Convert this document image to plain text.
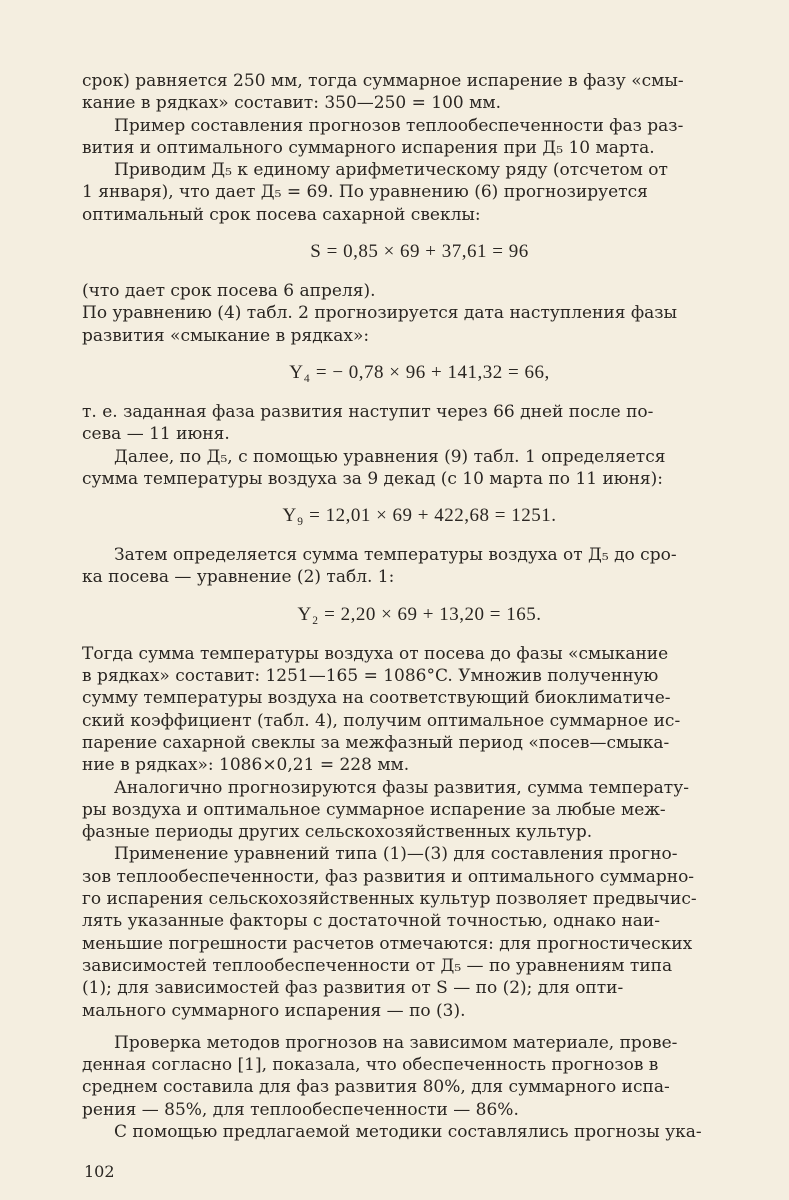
срок) равняется 250 мм, тогда суммарное испарение в фазу «смы-
кание в рядках» составит: 350—250 = 100 мм.

Пример составления прогнозов теплообеспеченности фаз раз-
вития и оптимального суммарного испарения при Д₅ 10 марта.

Приводим Д₅ к единому арифметическому ряду (отсчетом от
1 января), что дает Д₅ = 69. По уравнению (6) прогнозируется
оптимальный срок посева сахарной свеклы:

S = 0,85 × 69 + 37,61 = 96

(что дает срок посева 6 апреля).
По уравнению (4) табл. 2 прогнозируется дата наступления фазы
развития «смыкание в рядках»:

Y₄ = − 0,78 × 96 + 141,32 = 66,

т. е. заданная фаза развития наступит через 66 дней после по-
сева — 11 июня.

Далее, по Д₅, с помощью уравнения (9) табл. 1 определяется
сумма температуры воздуха за 9 декад (с 10 марта по 11 июня):

Y₉ = 12,01 × 69 + 422,68 = 1251.

Затем определяется сумма температуры воздуха от Д₅ до сро-
ка посева — уравнение (2) табл. 1:

Y₂ = 2,20 × 69 + 13,20 = 165.

Тогда сумма температуры воздуха от посева до фазы «смыкание
в рядках» составит: 1251—165 = 1086°C. Умножив полученную
сумму температуры воздуха на соответствующий биоклиматиче-
ский коэффициент (табл. 4), получим оптимальное суммарное ис-
парение сахарной свеклы за межфазный период «посев—смыка-
ние в рядках»: 1086×0,21 = 228 мм.

Аналогично прогнозируются фазы развития, сумма температу-
ры воздуха и оптимальное суммарное испарение за любые меж-
фазные периоды других сельскохозяйственных культур.

Применение уравнений типа (1)—(3) для составления прогно-
зов теплообеспеченности, фаз развития и оптимального суммарно-
го испарения сельскохозяйственных культур позволяет предвычис-
лять указанные факторы с достаточной точностью, однако наи-
меньшие погрешности расчетов отмечаются: для прогностических
зависимостей теплообеспеченности от Д₅ — по уравнениям типа
(1); для зависимостей фаз развития от S — по (2); для опти-
мального суммарного испарения — по (3).

Проверка методов прогнозов на зависимом материале, прове-
денная согласно [1], показала, что обеспеченность прогнозов в
среднем составила для фаз развития 80%, для суммарного испа-
рения — 85%, для теплообеспеченности — 86%.

С помощью предлагаемой методики составлялись прогнозы ука-

102
